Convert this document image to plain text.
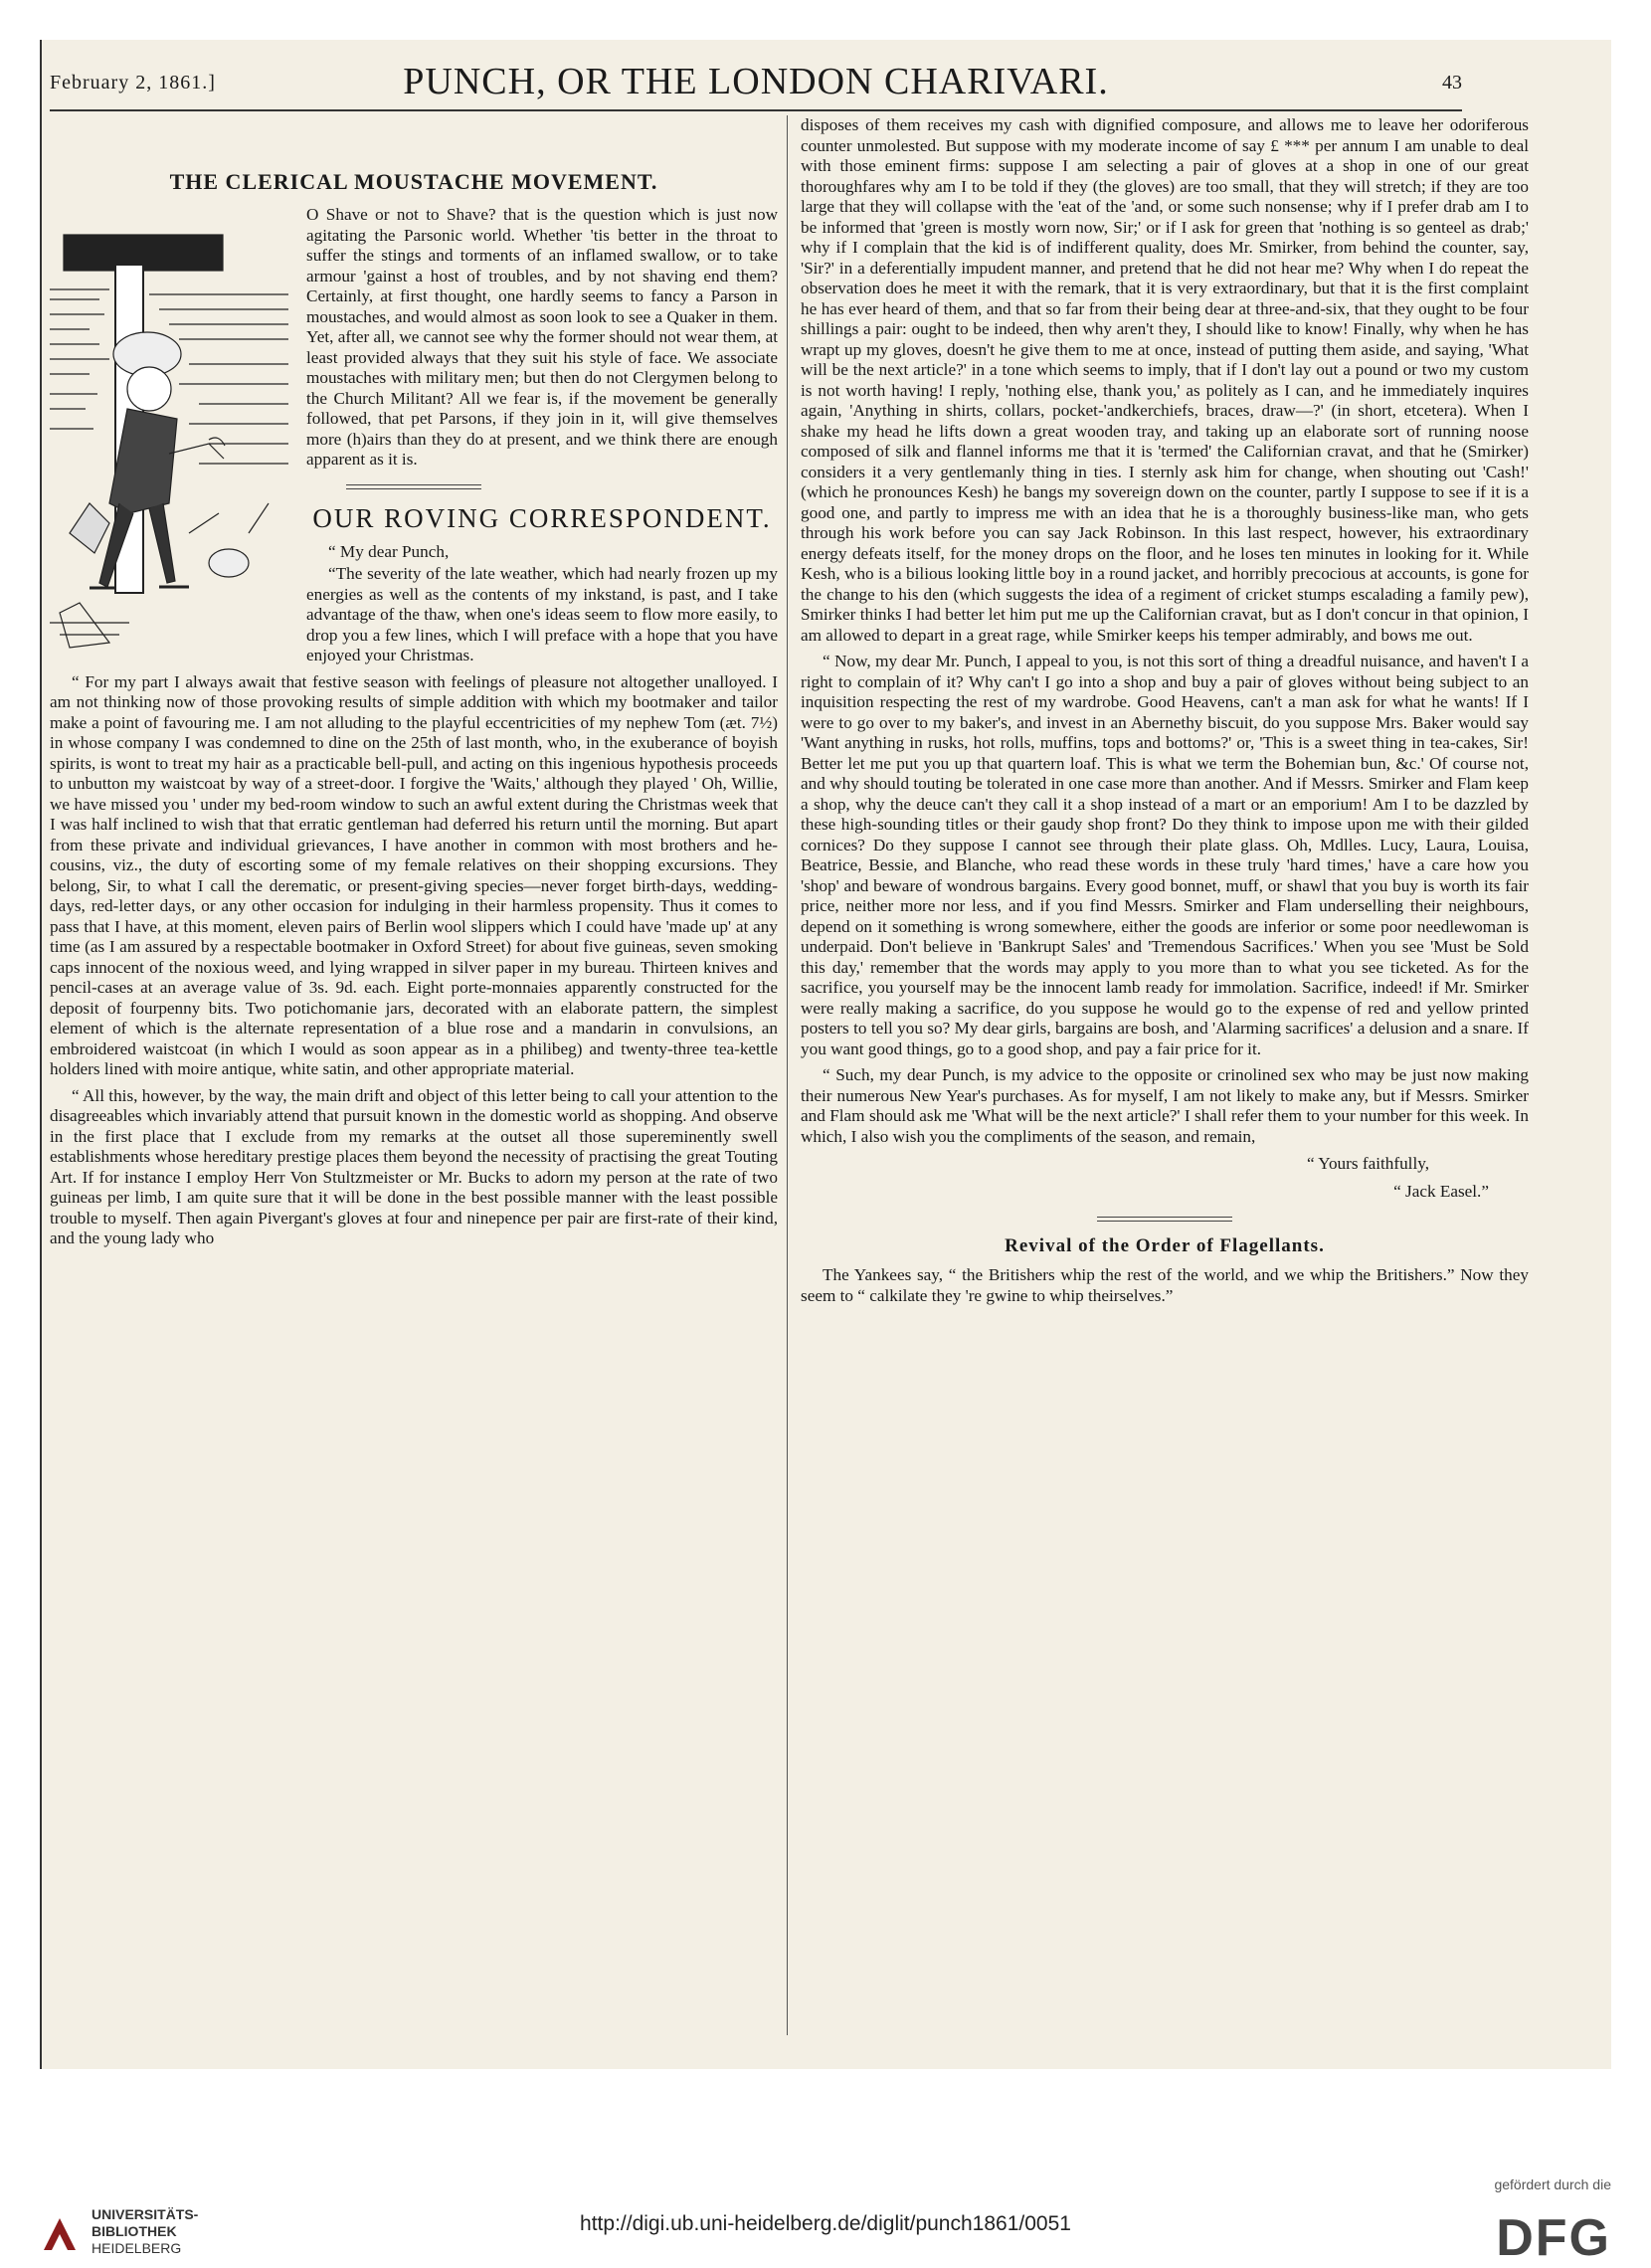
February 2, 1861.]	PUNCH, OR THE LONDON CHARIVARI.	43
THE CLERICAL MOUSTACHE MOVEMENT.

O Shave or not to Shave? that is the question which is just now agitating the Parsonic world. Whether 'tis better in the throat to suffer the stings and torments of an inflamed swallow, or to take armour 'gainst a host of troubles, and by not shaving end them? Certainly, at first thought, one hardly seems to fancy a Parson in moustaches, and would almost as soon look to see a Quaker in them. Yet, after all, we cannot see why the former should not wear them, at least provided always that they suit his style of face. We associate moustaches with military men; but then do not Clergymen belong to the Church Militant? All we fear is, if the movement be generally followed, that pet Parsons, if they join in it, will give themselves more (h)airs than they do at present, and we think there are enough apparent as it is.

OUR ROVING CORRESPONDENT.
“ My dear Punch,

“The severity of the late weather, which had nearly frozen up my energies as well as the contents of my inkstand, is past, and I take advantage of the thaw, when one's ideas seem to flow more easily, to drop you a few lines, which I will preface with a hope that you have enjoyed your Christmas.

“ For my part I always await that festive season with feelings of pleasure not altogether unalloyed. I am not thinking now of those provoking results of simple addition with which my bootmaker and tailor make a point of favouring me. I am not alluding to the playful eccentricities of my nephew Tom (æt. 7½) in whose company I was condemned to dine on the 25th of last month, who, in the exuberance of boyish spirits, is wont to treat my hair as a practicable bell-pull, and acting on this ingenious hypothesis proceeds to unbutton my waistcoat by way of a street-door. I forgive the 'Waits,' although they played ' Oh, Willie, we have missed you ' under my bed-room window to such an awful extent during the Christmas week that I was half inclined to wish that that erratic gentleman had deferred his return until the morning. But apart from these private and individual grievances, I have another in common with most brothers and he-cousins, viz., the duty of escorting some of my female relatives on their shopping excursions. They belong, Sir, to what I call the derematic, or present-giving species—never forget birth-days, wedding-days, red-letter days, or any other occasion for indulging in their harmless propensity. Thus it comes to pass that I have, at this moment, eleven pairs of Berlin wool slippers which I could have 'made up' at any time (as I am assured by a respectable bootmaker in Oxford Street) for about five guineas, seven smoking caps innocent of the noxious weed, and lying wrapped in silver paper in my bureau. Thirteen knives and pencil-cases at an average value of 3s. 9d. each. Eight porte-monnaies apparently constructed for the deposit of fourpenny bits. Two potichomanie jars, decorated with an elaborate pattern, the simplest element of which is the alternate representation of a blue rose and a mandarin in convulsions, an embroidered waistcoat (in which I would as soon appear as in a philibeg) and twenty-three tea-kettle holders lined with moire antique, white satin, and other appropriate material.

“ All this, however, by the way, the main drift and object of this letter being to call your attention to the disagreeables which invariably attend that pursuit known in the domestic world as shopping. And observe in the first place that I exclude from my remarks at the outset all those supereminently swell establishments whose hereditary prestige places them beyond the necessity of practising the great Touting Art. If for instance I employ Herr Von Stultzmeister or Mr. Bucks to adorn my person at the rate of two guineas per limb, I am quite sure that it will be done in the best possible manner with the least possible trouble to myself. Then again Pivergant's gloves at four and ninepence per pair are first-rate of their kind, and the young lady who

disposes of them receives my cash with dignified composure, and allows me to leave her odoriferous counter unmolested. But suppose with my moderate income of say £ *** per annum I am unable to deal with those eminent firms: suppose I am selecting a pair of gloves at a shop in one of our great thoroughfares why am I to be told if they (the gloves) are too small, that they will stretch; if they are too large that they will collapse with the 'eat of the 'and, or some such nonsense; why if I prefer drab am I to be informed that 'green is mostly worn now, Sir;' or if I ask for green that 'nothing is so genteel as drab;' why if I complain that the kid is of indifferent quality, does Mr. Smirker, from behind the counter, say, 'Sir?' in a deferentially impudent manner, and pretend that he did not hear me? Why when I do repeat the observation does he meet it with the remark, that it is very extraordinary, but that it is the first complaint he has ever heard of them, and that so far from their being dear at three-and-six, that they ought to be four shillings a pair: ought to be indeed, then why aren't they, I should like to know! Finally, why when he has wrapt up my gloves, doesn't he give them to me at once, instead of putting them aside, and saying, 'What will be the next article?' in a tone which seems to imply, that if I don't lay out a pound or two my custom is not worth having! I reply, 'nothing else, thank you,' as politely as I can, and he immediately inquires again, 'Anything in shirts, collars, pocket-'andkerchiefs, braces, draw—?' (in short, etcetera). When I shake my head he lifts down a great wooden tray, and taking up an elaborate sort of running noose composed of silk and flannel informs me that it is 'termed' the Californian cravat, and that he (Smirker) considers it a very gentlemanly thing in ties. I sternly ask him for change, when shouting out 'Cash!' (which he pronounces Kesh) he bangs my sovereign down on the counter, partly I suppose to see if it is a good one, and partly to impress me with an idea that he is a thoroughly business-like man, who gets through his work before you can say Jack Robinson. In this last respect, however, his extraordinary energy defeats itself, for the money drops on the floor, and he loses ten minutes in looking for it. While Kesh, who is a bilious looking little boy in a round jacket, and horribly precocious at accounts, is gone for the change to his den (which suggests the idea of a regiment of cricket stumps escalading a family pew), Smirker thinks I had better let him put me up the Californian cravat, but as I don't concur in that opinion, I am allowed to depart in a great rage, while Smirker keeps his temper admirably, and bows me out.

“ Now, my dear Mr. Punch, I appeal to you, is not this sort of thing a dreadful nuisance, and haven't I a right to complain of it? Why can't I go into a shop and buy a pair of gloves without being subject to an inquisition respecting the rest of my wardrobe. Good Heavens, can't a man ask for what he wants! If I were to go over to my baker's, and invest in an Abernethy biscuit, do you suppose Mrs. Baker would say 'Want anything in rusks, hot rolls, muffins, tops and bottoms?' or, 'This is a sweet thing in tea-cakes, Sir! Better let me put you up that quartern loaf. This is what we term the Bohemian bun, &c.' Of course not, and why should touting be tolerated in one case more than another. And if Messrs. Smirker and Flam keep a shop, why the deuce can't they call it a shop instead of a mart or an emporium! Am I to be dazzled by these high-sounding titles or their gaudy shop front? Do they think to impose upon me with their gilded cornices? Do they suppose I cannot see through their plate glass. Oh, Mdlles. Lucy, Laura, Louisa, Beatrice, Bessie, and Blanche, who read these words in these truly 'hard times,' have a care how you 'shop' and beware of wondrous bargains. Every good bonnet, muff, or shawl that you buy is worth its fair price, neither more nor less, and if you find Messrs. Smirker and Flam underselling their neighbours, depend on it something is wrong somewhere, either the goods are inferior or some poor needlewoman is underpaid. Don't believe in 'Bankrupt Sales' and 'Tremendous Sacrifices.' When you see 'Must be Sold this day,' remember that the words may apply to you more than to what you see ticketed. As for the sacrifice, you yourself may be the innocent lamb ready for immolation. Sacrifice, indeed! if Mr. Smirker were really making a sacrifice, do you suppose he would go to the expense of red and yellow printed posters to tell you so? My dear girls, bargains are bosh, and 'Alarming sacrifices' a delusion and a snare. If you want good things, go to a good shop, and pay a fair price for it.

“ Such, my dear Punch, is my advice to the opposite or crinolined sex who may be just now making their numerous New Year's purchases. As for myself, I am not likely to make any, but if Messrs. Smirker and Flam should ask me 'What will be the next article?' I shall refer them to your number for this week. In which, I also wish you the compliments of the season, and remain,

“ Yours faithfully,
“ Jack Easel.”
Revival of the Order of Flagellants.

The Yankees say, “ the Britishers whip the rest of the world, and we whip the Britishers.” Now they seem to “ calkilate they 're gwine to whip theirselves.”

UNIVERSITÄTS-
BIBLIOTHEK
HEIDELBERG
http://digi.ub.uni-heidelberg.de/diglit/punch1861/0051
gefördert durch die
DFG
